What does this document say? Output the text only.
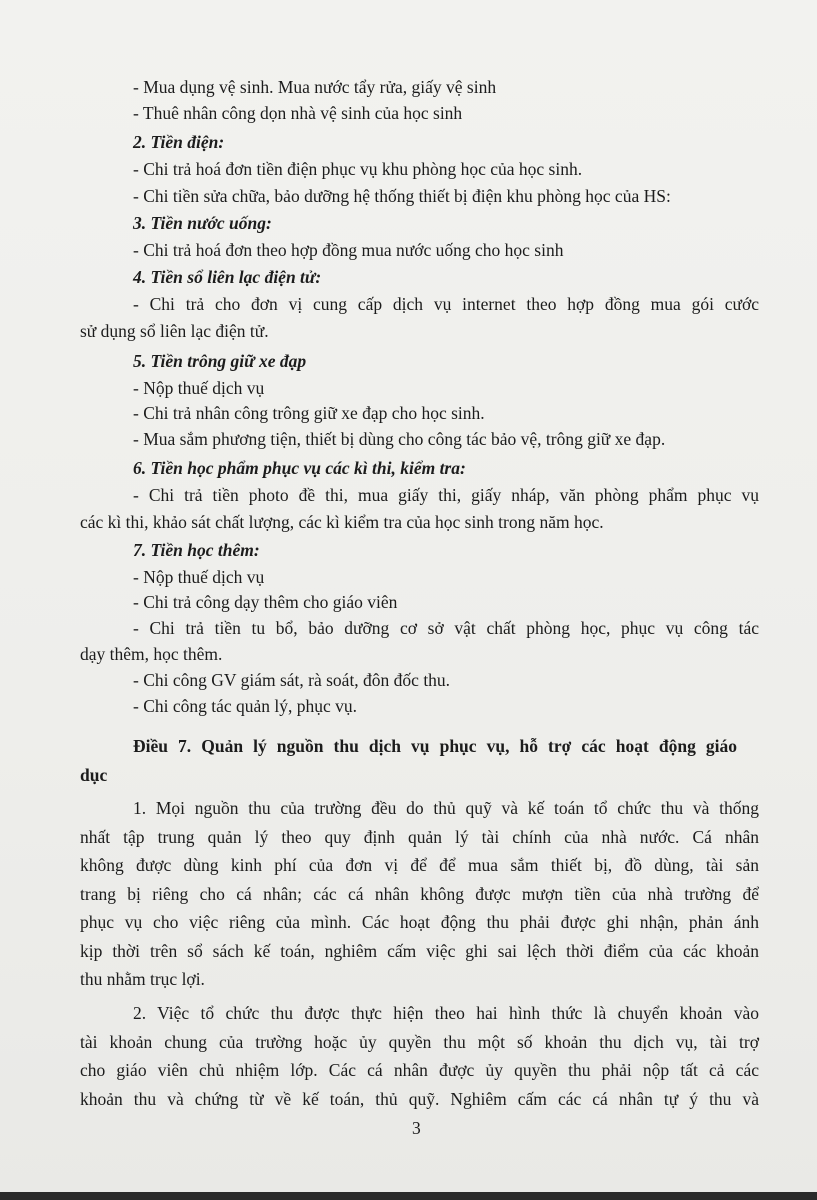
- Mua dụng vệ sinh. Mua nước tẩy rửa, giấy vệ sinh
- Thuê nhân công dọn nhà vệ sinh của học sinh
2. Tiền điện:
- Chi trả hoá đơn tiền điện phục vụ khu phòng học của học sinh.
- Chi tiền sửa chữa, bảo dưỡng hệ thống thiết bị điện khu phòng học của HS:
3. Tiền nước uống:
- Chi trả hoá đơn theo hợp đồng mua nước uống cho học sinh
4. Tiền sổ liên lạc điện tử:
- Chi trả cho đơn vị cung cấp dịch vụ internet theo hợp đồng mua gói cước
sử dụng sổ liên lạc điện tử.
5. Tiền trông giữ xe đạp
- Nộp thuế dịch vụ
- Chi trả nhân công trông giữ xe đạp cho học sinh.
- Mua sắm phương tiện, thiết bị dùng cho công tác bảo vệ, trông giữ xe đạp.
6. Tiền học phẩm phục vụ các kì thi, kiểm tra:
- Chi trả tiền photo đề thi, mua giấy thi, giấy nháp, văn phòng phẩm phục vụ
các kì thi, khảo sát chất lượng, các kì kiểm tra của học sinh trong năm học.
7. Tiền học thêm:
- Nộp thuế dịch vụ
- Chi trả công dạy thêm cho giáo viên
- Chi trả tiền tu bổ, bảo dưỡng cơ sở vật chất phòng học, phục vụ công tác
dạy thêm, học thêm.
- Chi công GV giám sát, rà soát, đôn đốc thu.
- Chi công tác quản lý, phục vụ.
Điều 7. Quản lý nguồn thu dịch vụ phục vụ, hỗ trợ các hoạt động giáo
dục
1. Mọi nguồn thu của trường đều do thủ quỹ và kế toán tổ chức thu và thống
nhất tập trung quản lý theo quy định quản lý tài chính của nhà nước. Cá nhân
không được dùng kinh phí của đơn vị để để mua sắm thiết bị, đồ dùng, tài sản
trang bị riêng cho cá nhân; các cá nhân không được mượn tiền của nhà trường để
phục vụ cho việc riêng của mình. Các hoạt động thu phải được ghi nhận, phản ánh
kịp thời trên sổ sách kế toán, nghiêm cấm việc ghi sai lệch thời điểm của các khoản
thu nhằm trục lợi.
2. Việc tổ chức thu được thực hiện theo hai hình thức là chuyển khoản vào
tài khoản chung của trường hoặc ủy quyền thu một số khoản thu dịch vụ, tài trợ
cho giáo viên chủ nhiệm lớp. Các cá nhân được ủy quyền thu phải nộp tất cả các
khoản thu và chứng từ về kế toán, thủ quỹ. Nghiêm cấm các cá nhân tự ý thu và
3
